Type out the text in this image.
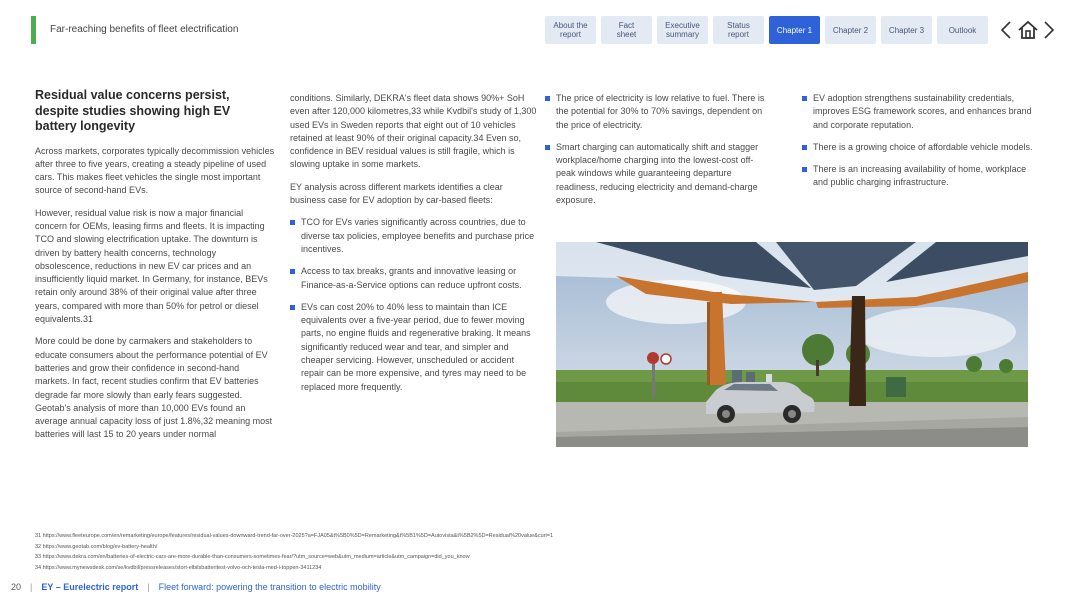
Far-reaching benefits of fleet electrification	About the
report
Fact
sheet
Executive
summary
Status
report	Chapter 1	Chapter 2	Chapter 3	Outlook
Residual value concerns persist, despite studies showing high EV battery longevity

Across markets, corporates typically decommission vehicles after three to five years, creating a steady pipeline of used cars. This makes fleet vehicles the single most important source of second-hand EVs.

However, residual value risk is now a major financial concern for OEMs, leasing firms and fleets. It is impacting TCO and slowing electrification uptake. The downturn is driven by battery health concerns, technology obsolescence, reductions in new EV car prices and an insufficiently liquid market. In Germany, for instance, BEVs retain only around 38% of their original value after three years, compared with more than 50% for petrol or diesel equivalents.31

More could be done by carmakers and stakeholders to educate consumers about the performance potential of EV batteries and grow their confidence in second-hand markets. In fact, recent studies confirm that EV batteries degrade far more slowly than early fears suggested. Geotab's analysis of more than 10,000 EVs found an average annual capacity loss of just 1.8%,32 meaning most batteries will last 15 to 20 years under normal

conditions. Similarly, DEKRA's fleet data shows 90%+ SoH even after 120,000 kilometres,33 while Kvdbil's study of 1,300 used EVs in Sweden reports that eight out of 10 vehicles retained at least 90% of their original capacity.34 Even so, confidence in BEV residual values is still fragile, which is slowing uptake in some markets.

EY analysis across different markets identifies a clear business case for EV adoption by car-based fleets:

TCO for EVs varies significantly across countries, due to diverse tax policies, employee benefits and purchase price incentives.
Access to tax breaks, grants and innovative leasing or Finance-as-a-Service options can reduce upfront costs.
EVs can cost 20% to 40% less to maintain than ICE equivalents over a five-year period, due to fewer moving parts, no engine fluids and regenerative braking. It means significantly reduced wear and tear, and simpler and cheaper servicing. However, unscheduled or accident repair can be more expensive, and tyres may need to be replaced more frequently.
The price of electricity is low relative to fuel. There is the potential for 30% to 70% savings, dependent on the price of electricity.
Smart charging can automatically shift and stagger workplace/home charging into the lowest-cost off-peak windows while guaranteeing departure readiness, reducing electricity and demand-charge exposure.
EV adoption strengthens sustainability credentials, improves ESG framework scores, and enhances brand and corporate reputation.
There is a growing choice of affordable vehicle models.
There is an increasing availability of home, workplace and public charging infrastructure.
31 https://www.fleeteurope.com/en/remarketing/europe/features/residual-values-downward-trend-far-over-2025?a=FJA05&t%5B0%5D=Remarketing&t%5B1%5D=Autovista&t%5B2%5D=Residual%20value&curl=1
32 https://www.geotab.com/blog/ev-battery-health/
33 https://www.dekra.com/en/batteries-of-electric-cars-are-more-durable-than-consumers-sometimes-fear/?utm_source=web&utm_medium=article&utm_campaign=did_you_know
34 https://www.mynewsdesk.com/se/kvdbil/pressreleases/stort-elbilsbatteritest-volvo-och-tesla-med-i-toppen-3411234
20 | EY – Eurelectric report | Fleet forward: powering the transition to electric mobility
